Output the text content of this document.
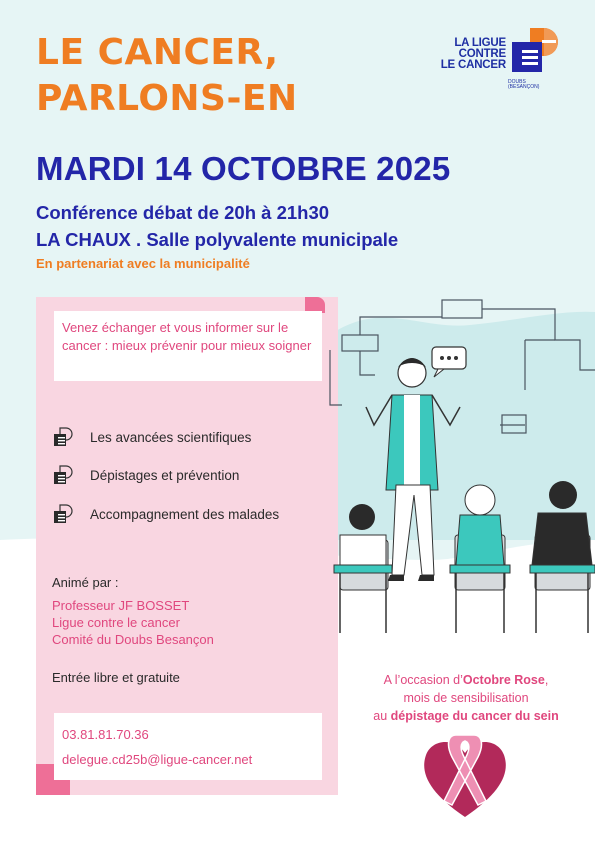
LE CANCER,
PARLONS-EN
LA LIGUE
CONTRE
LE CANCER
DOUBS
(BESANÇON)

MARDI 14 OCTOBRE 2025

Conférence débat de 20h à 21h30

LA CHAUX . Salle polyvalente municipale

En partenariat avec la municipalité

Venez échanger et vous informer sur le cancer : mieux prévenir pour mieux soigner

Les avancées scientifiques
Dépistages et prévention
Accompagnement des malades

Animé par :

Professeur JF BOSSET

Ligue contre le cancer

Comité du Doubs Besançon

Entrée libre et gratuite

03.81.81.70.36

delegue.cd25b@ligue-cancer.net

A l’occasion d’Octobre Rose,
mois de sensibilisation
au dépistage du cancer du sein
